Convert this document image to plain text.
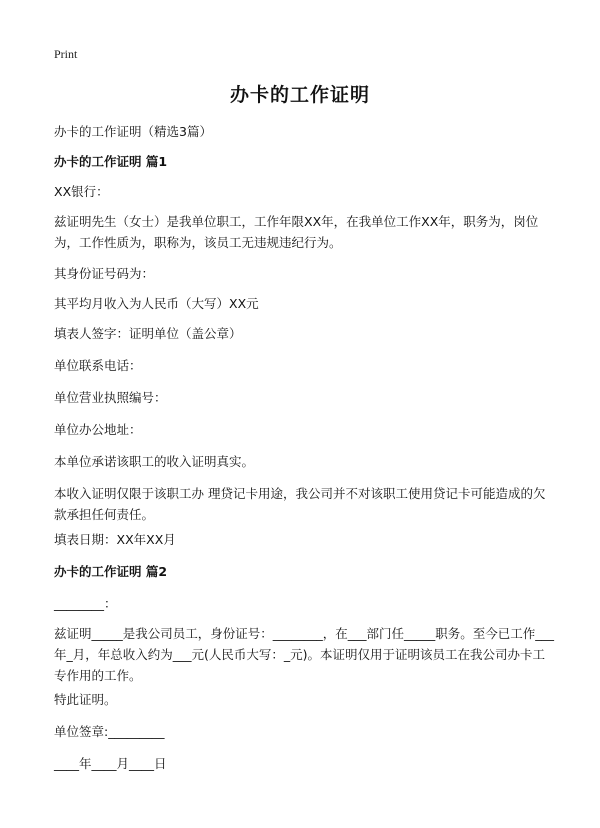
Print
办卡的工作证明
办卡的工作证明（精选3篇）
办卡的工作证明 篇1
XX银行：
兹证明先生（女士）是我单位职工，工作年限XX年，在我单位工作XX年，职务为，岗位为，工作性质为，职称为，该员工无违规违纪行为。
其身份证号码为：
其平均月收入为人民币（大写）XX元
填表人签字：证明单位（盖公章）
单位联系电话：
单位营业执照编号：
单位办公地址：
本单位承诺该职工的收入证明真实。
本收入证明仅限于该职工办 理贷记卡用途，我公司并不对该职工使用贷记卡可能造成的欠款承担任何责任。
填表日期：XX年XX月
办卡的工作证明 篇2
________：
兹证明_____是我公司员工，身份证号：________，在___部门任_____职务。至今已工作___年_月，年总收入约为___元(人民币大写：_元)。本证明仅用于证明该员工在我公司办卡工专作用的工作。
特此证明。
单位签章:_________
____年____月____日
